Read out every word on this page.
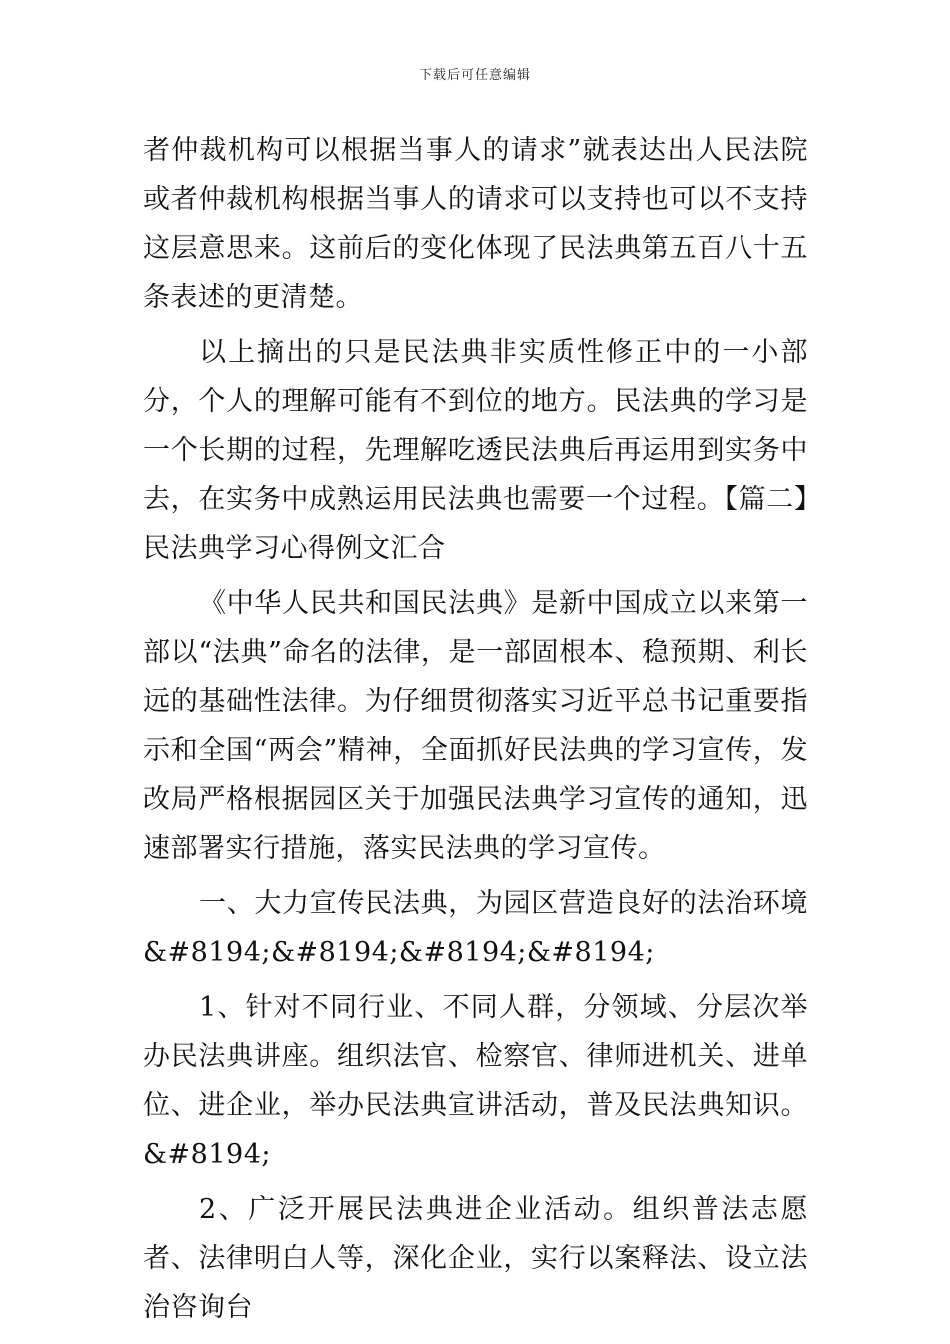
下载后可任意编辑

者仲裁机构可以根据当事人的请求”就表达出人民法院或者仲裁机构根据当事人的请求可以支持也可以不支持这层意思来。这前后的变化体现了民法典第五百八十五条表述的更清楚。

以上摘出的只是民法典非实质性修正中的一小部分，个人的理解可能有不到位的地方。民法典的学习是一个长期的过程，先理解吃透民法典后再运用到实务中去，在实务中成熟运用民法典也需要一个过程。【篇二】民法典学习心得例文汇合

《中华人民共和国民法典》是新中国成立以来第一部以“法典”命名的法律，是一部固根本、稳预期、利长远的基础性法律。为仔细贯彻落实习近平总书记重要指示和全国“两会”精神，全面抓好民法典的学习宣传，发改局严格根据园区关于加强民法典学习宣传的通知，迅速部署实行措施，落实民法典的学习宣传。

一、大力宣传民法典，为园区营造良好的法治环境&#8194;&#8194;&#8194;&#8194;

1、针对不同行业、不同人群，分领域、分层次举办民法典讲座。组织法官、检察官、律师进机关、进单位、进企业，举办民法典宣讲活动，普及民法典知识。&#8194;

2、广泛开展民法典进企业活动。组织普法志愿者、法律明白人等，深化企业，实行以案释法、设立法治咨询台
